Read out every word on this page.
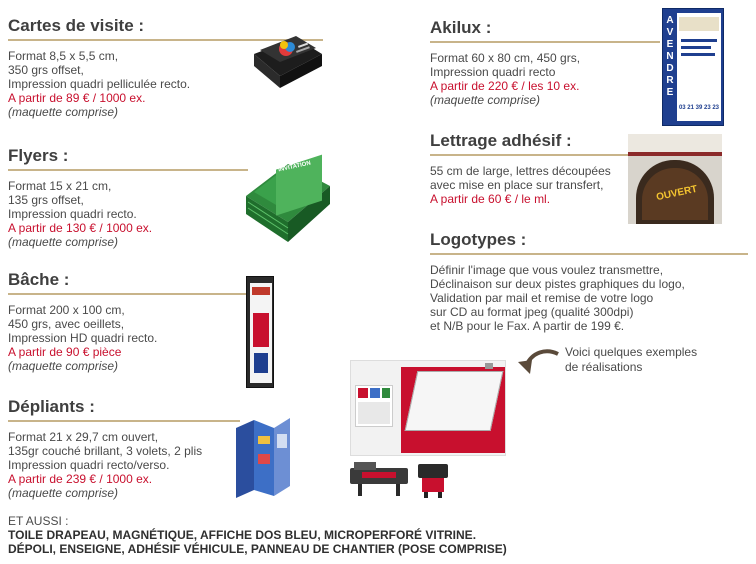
Cartes de visite :
Format 8,5 x 5,5 cm,
350 grs offset,
Impression quadri pelliculée recto.
A partir de 89 € / 1000 ex.
(maquette comprise)
Flyers :
Format 15 x 21 cm,
135 grs offset,
Impression quadri recto.
A partir de 130 € / 1000 ex.
(maquette comprise)
Bâche :
Format 200 x 100 cm,
450 grs, avec oeillets,
Impression HD quadri recto.
A partir de 90 € pièce
(maquette comprise)
Dépliants :
Format 21 x 29,7 cm ouvert,
135gr couché brillant, 3 volets, 2 plis
Impression quadri recto/verso.
A partir de 239 € / 1000 ex.
(maquette comprise)
INVITATION
Akilux :
Format 60 x 80 cm, 450 grs,
Impression quadri recto
A partir de 220 € / les 10 ex.
(maquette comprise)
Lettrage adhésif :
55 cm de large, lettres découpées
avec mise en place sur transfert,
A partir de 60 € / le ml.
Logotypes :
Définir l'image que vous voulez transmettre,
Déclinaison sur deux pistes graphiques du logo,
Validation par mail et remise de votre logo
sur CD au format jpeg (qualité 300dpi)
et N/B pour le Fax. A partir de 199 €.
03 21 39 23 23
A VENDRE
OUVERT
Voici quelques exemples
de réalisations
ET AUSSI :
TOILE DRAPEAU, MAGNÉTIQUE, AFFICHE DOS BLEU, MICROPERFORÉ VITRINE.
DÉPOLI, ENSEIGNE, ADHÉSIF VÉHICULE, PANNEAU DE CHANTIER (POSE COMPRISE)
